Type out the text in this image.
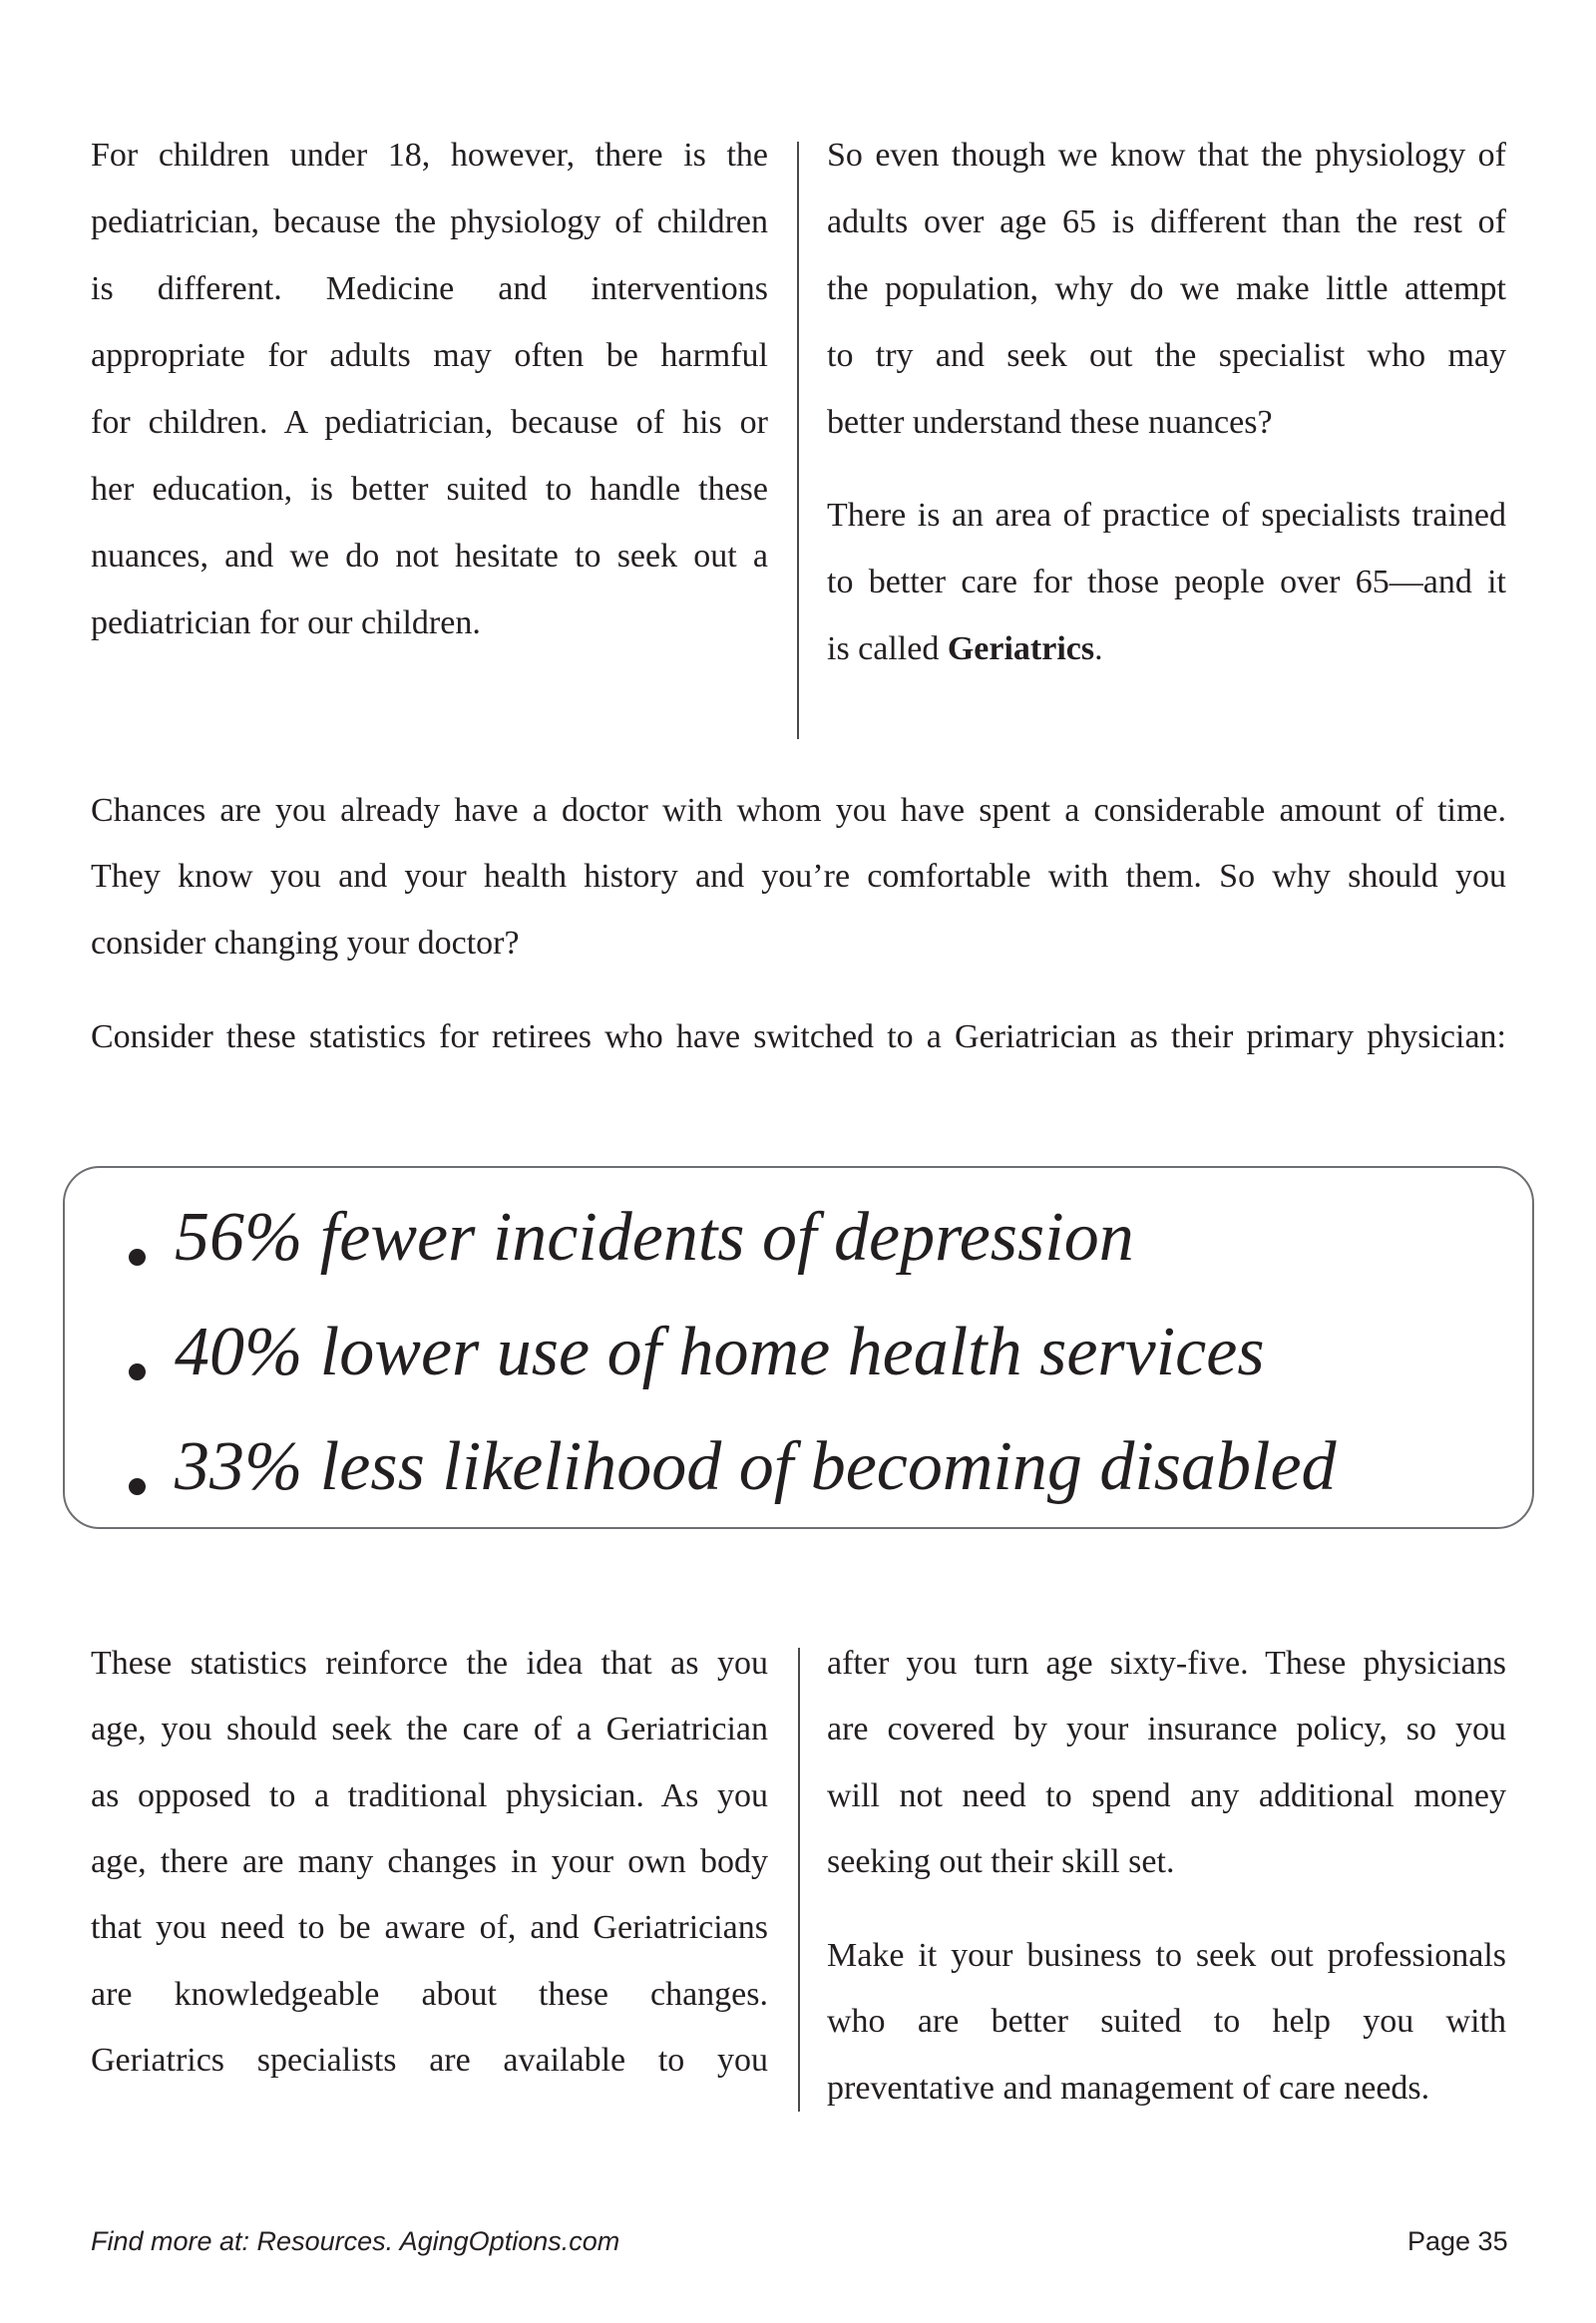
For children under 18, however, there is the
pediatrician, because the physiology of children
is different. Medicine and interventions
appropriate for adults may often be harmful
for children. A pediatrician, because of his or
her education, is better suited to handle these
nuances, and we do not hesitate to seek out a
pediatrician for our children.
So even though we know that the physiology of
adults over age 65 is different than the rest of
the population, why do we make little attempt
to try and seek out the specialist who may
better understand these nuances?
There is an area of practice of specialists trained
to better care for those people over 65—and it
is called Geriatrics.
Chances are you already have a doctor with whom you have spent a considerable amount of time.
They know you and your health history and you’re comfortable with them. So why should you
consider changing your doctor?
Consider these statistics for retirees who have switched to a Geriatrician as their primary physician:
56% fewer incidents of depression
40% lower use of home health services
33% less likelihood of becoming disabled
These statistics reinforce the idea that as you
age, you should seek the care of a Geriatrician
as opposed to a traditional physician. As you
age, there are many changes in your own body
that you need to be aware of, and Geriatricians
are knowledgeable about these changes.
Geriatrics specialists are available to you
after you turn age sixty-five. These physicians
are covered by your insurance policy, so you
will not need to spend any additional money
seeking out their skill set.
Make it your business to seek out professionals
who are better suited to help you with
preventative and management of care needs.
Find more at: Resources. AgingOptions.com	Page 35
